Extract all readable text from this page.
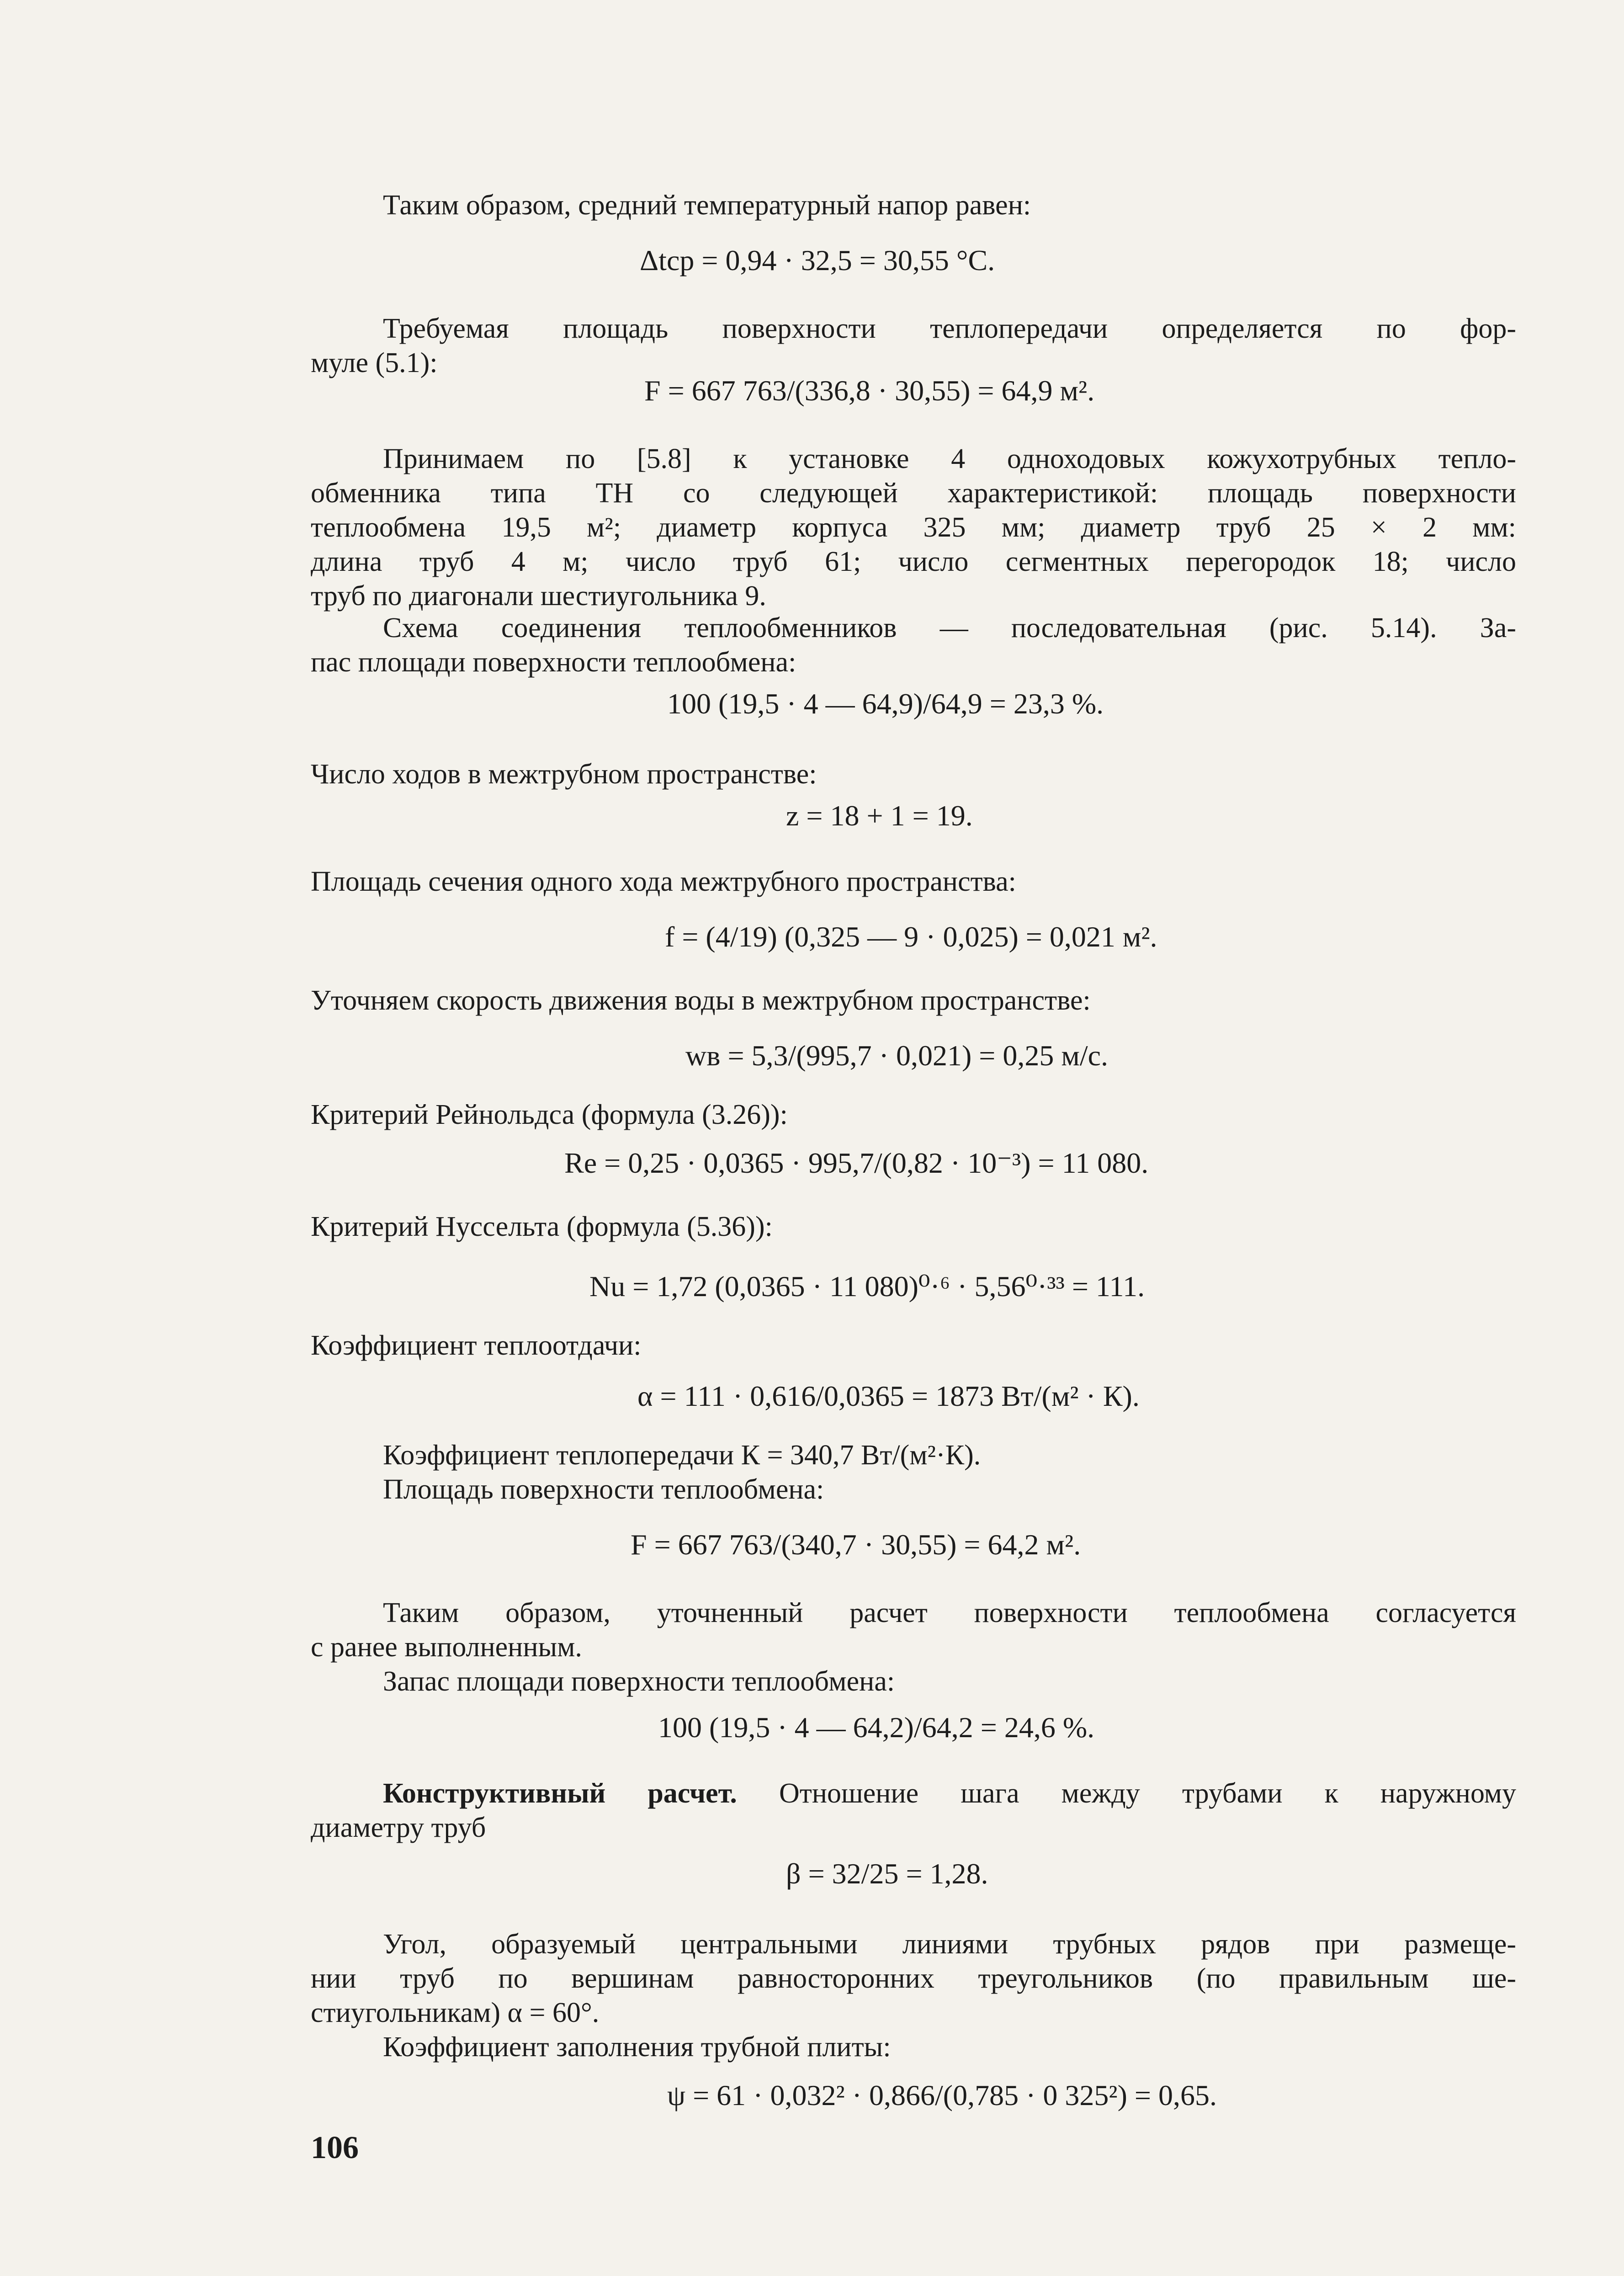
Таким образом, средний температурный напор равен:

Δtср = 0,94 · 32,5 = 30,55 °С.

Требуемая площадь поверхности теплопередачи определяется по фор-

муле (5.1):

F = 667 763/(336,8 · 30,55) = 64,9 м².

Принимаем по [5.8] к установке 4 одноходовых кожухотрубных тепло-

обменника типа ТН со следующей характеристикой: площадь поверхности

теплообмена 19,5 м²; диаметр корпуса 325 мм; диаметр труб 25 × 2 мм:

длина труб 4 м; число труб 61; число сегментных перегородок 18; число

труб по диагонали шестиугольника 9.

Схема соединения теплообменников — последовательная (рис. 5.14). За-

пас площади поверхности теплообмена:

100 (19,5 · 4 — 64,9)/64,9 = 23,3 %.

Число ходов в межтрубном пространстве:

z = 18 + 1 = 19.

Площадь сечения одного хода межтрубного пространства:

f = (4/19) (0,325 — 9 · 0,025) = 0,021 м².

Уточняем скорость движения воды в межтрубном пространстве:

wв = 5,3/(995,7 · 0,021) = 0,25 м/с.

Критерий Рейнольдса (формула (3.26)):

Re = 0,25 · 0,0365 · 995,7/(0,82 · 10⁻³) = 11 080.

Критерий Нуссельта (формула (5.36)):

Nu = 1,72 (0,0365 · 11 080)⁰·⁶ · 5,56⁰·³³ = 111.

Коэффициент теплоотдачи:

α = 111 · 0,616/0,0365 = 1873 Вт/(м² · К).

Коэффициент теплопередачи К = 340,7 Вт/(м²·К).

Площадь поверхности теплообмена:

F = 667 763/(340,7 · 30,55) = 64,2 м².

Таким образом, уточненный расчет поверхности теплообмена согласуется

с ранее выполненным.

Запас площади поверхности теплообмена:

100 (19,5 · 4 — 64,2)/64,2 = 24,6 %.

Конструктивный расчет. Отношение шага между трубами к наружному

диаметру труб

β = 32/25 = 1,28.

Угол, образуемый центральными линиями трубных рядов при размеще-

нии труб по вершинам равносторонних треугольников (по правильным ше-

стиугольникам) α = 60°.

Коэффициент заполнения трубной плиты:

ψ = 61 · 0,032² · 0,866/(0,785 · 0 325²) = 0,65.

106
